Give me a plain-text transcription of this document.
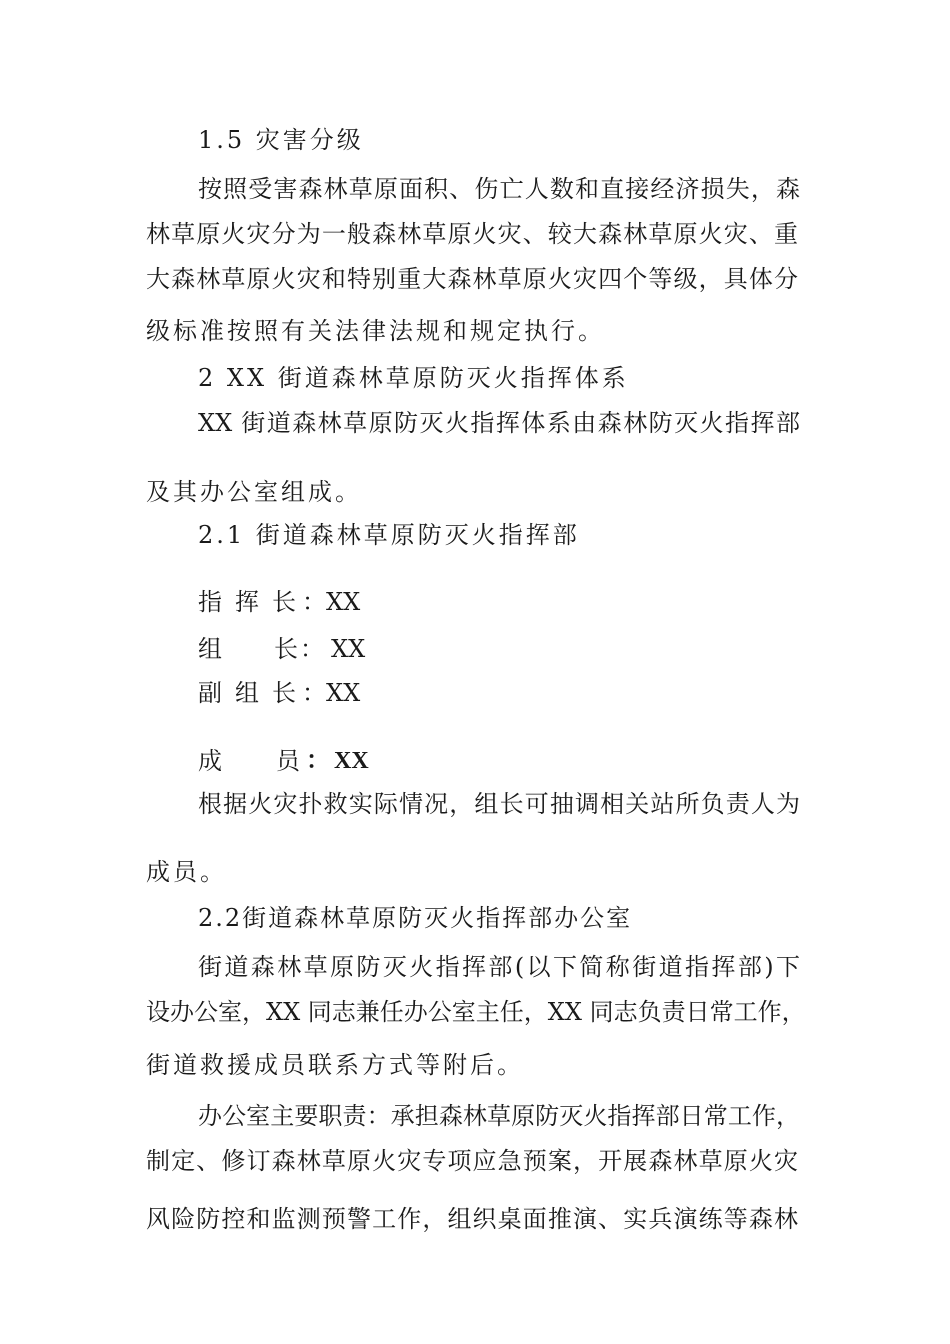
1.5 灾害分级
按照受害森林草原面积、伤亡人数和直接经济损失，森
林草原火灾分为一般森林草原火灾、较大森林草原火灾、重
大森林草原火灾和特别重大森林草原火灾四个等级，具体分
级标准按照有关法律法规和规定执行。
2 XX 街道森林草原防灭火指挥体系
XX 街道森林草原防灭火指挥体系由森林防灭火指挥部
及其办公室组成。
2.1 街道森林草原防灭火指挥部
指 挥 长 ： XX
组 长 ： XX
副 组 长 ： XX
成 员 ： XX
根据火灾扑救实际情况，组长可抽调相关站所负责人为
成员。
2.2街道森林草原防灭火指挥部办公室
街道森林草原防灭火指挥部(以下简称街道指挥部)下
设办公室，XX 同志兼任办公室主任，XX 同志负责日常工作，
街道救援成员联系方式等附后。
办公室主要职责：承担森林草原防灭火指挥部日常工作，
制定、修订森林草原火灾专项应急预案，开展森林草原火灾
风险防控和监测预警工作，组织桌面推演、实兵演练等森林
